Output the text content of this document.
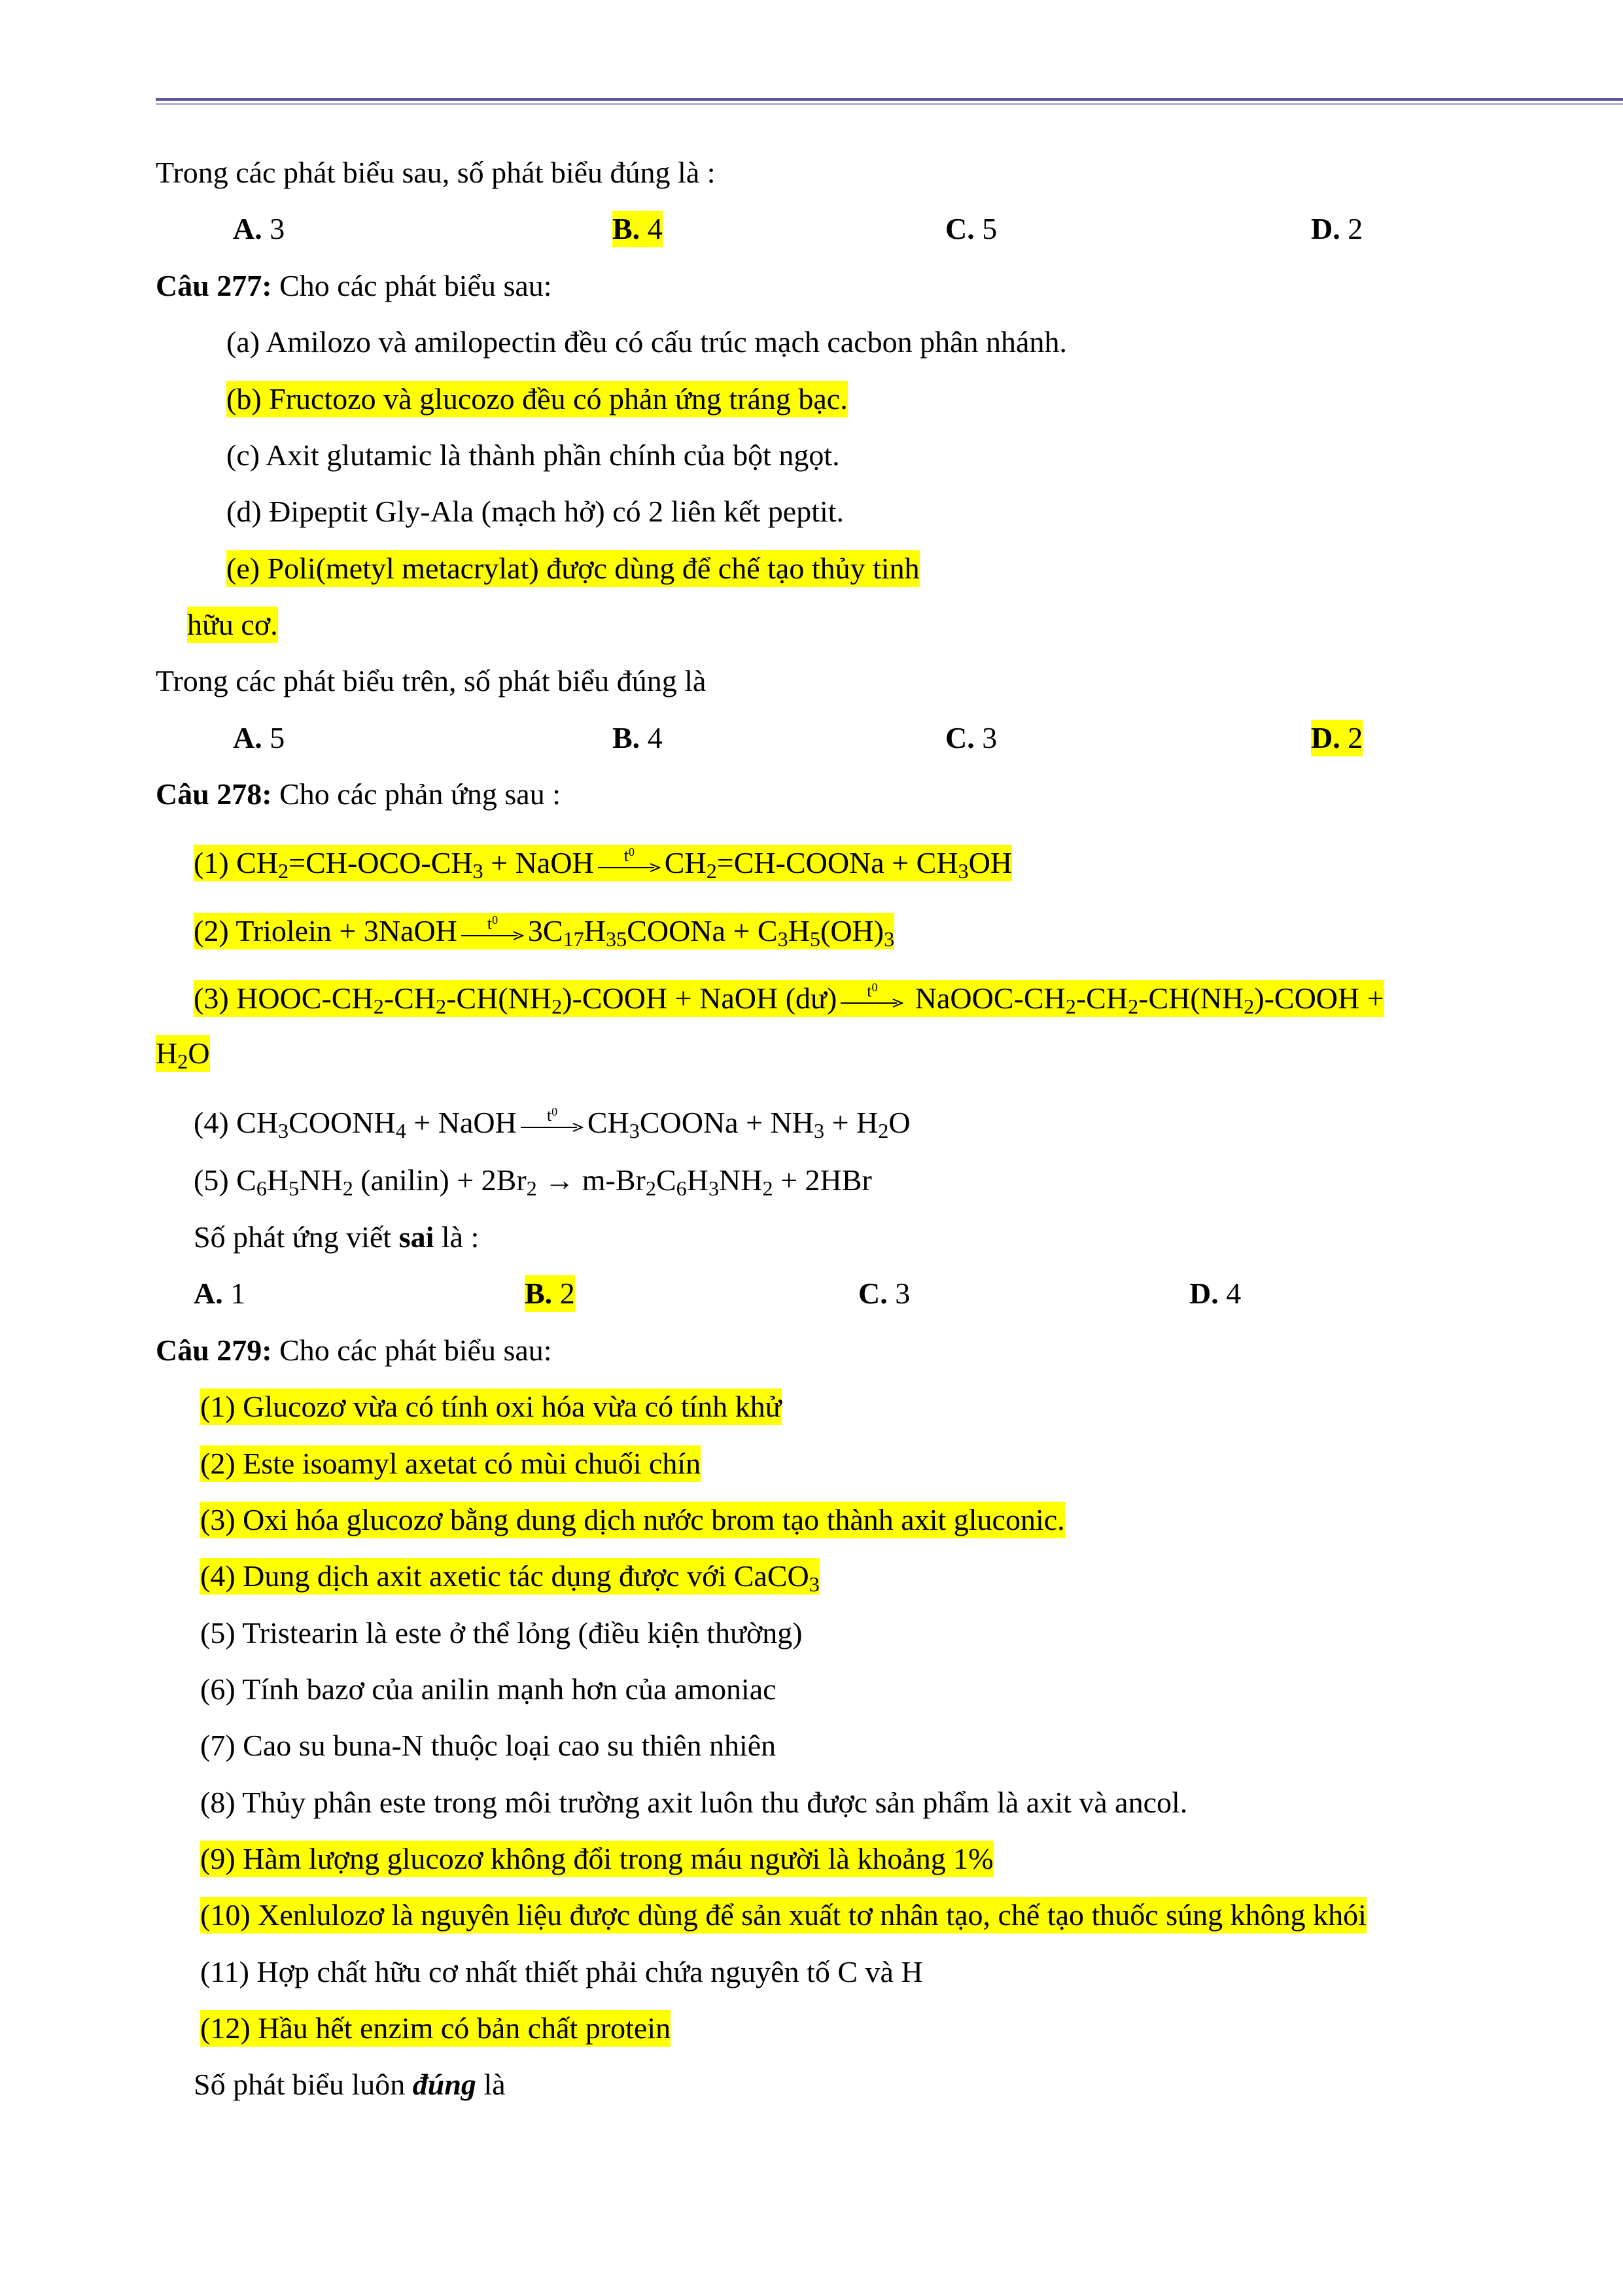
Trong các phát biểu sau, số phát biểu đúng là :
A. 3	B. 4	C. 5	D. 2
Câu 277: Cho các phát biểu sau:
(a) Amilozo và amilopectin đều có cấu trúc mạch cacbon phân nhánh.
(b) Fructozo và glucozo đều có phản ứng tráng bạc.
(c) Axit glutamic là thành phần chính của bột ngọt.
(d) Đipeptit Gly-Ala (mạch hở) có 2 liên kết peptit.
(e) Poli(metyl metacrylat) được dùng để chế tạo thủy tinh
hữu cơ.
Trong các phát biểu trên, số phát biểu đúng là
A. 5	B. 4	C. 3	D. 2
Câu 278: Cho các phản ứng sau :
(1) $CH_2=CH-OCO-CH_3$ + NaOH $t^0$ $CH_2=CH$-COONa + $CH_3OH$
(2) Triolein + 3NaOH $t^0$ $3C_{17}H_{35}COONa + C_3H_5(OH)_3$
(3) HOOC-$CH_2-CH_2-CH(NH_2)$-COOH + NaOH (dư) $t^0$ NaOOC-$CH_2-CH_2-CH(NH_2)$-COOH +
$H_2O$
(4) $CH_3COONH_4$ + NaOH $t^0$ $CH_3COONa + NH_3 + H_2O$
(5) $C_6H_5NH_2$ (anilin) + $2Br_2 \to m-Br_2C_6H_3NH_2 + 2HBr$
Số phát ứng viết sai là :
A. 1	B. 2	C. 3	D. 4
Câu 279: Cho các phát biểu sau:
(1) Glucozơ vừa có tính oxi hóa vừa có tính khử
(2) Este isoamyl axetat có mùi chuối chín
(3) Oxi hóa glucozơ bằng dung dịch nước brom tạo thành axit gluconic.
(4) Dung dịch axit axetic tác dụng được với CaCO$_3$
(5) Tristearin là este ở thể lỏng (điều kiện thường)
(6) Tính bazơ của anilin mạnh hơn của amoniac
(7) Cao su buna-N thuộc loại cao su thiên nhiên
(8) Thủy phân este trong môi trường axit luôn thu được sản phẩm là axit và ancol.
(9) Hàm lượng glucozơ không đổi trong máu người là khoảng 1%
(10) Xenlulozơ là nguyên liệu được dùng để sản xuất tơ nhân tạo, chế tạo thuốc súng không khói
(11) Hợp chất hữu cơ nhất thiết phải chứa nguyên tố C và H
(12) Hầu hết enzim có bản chất protein
Số phát biểu luôn đúng là
